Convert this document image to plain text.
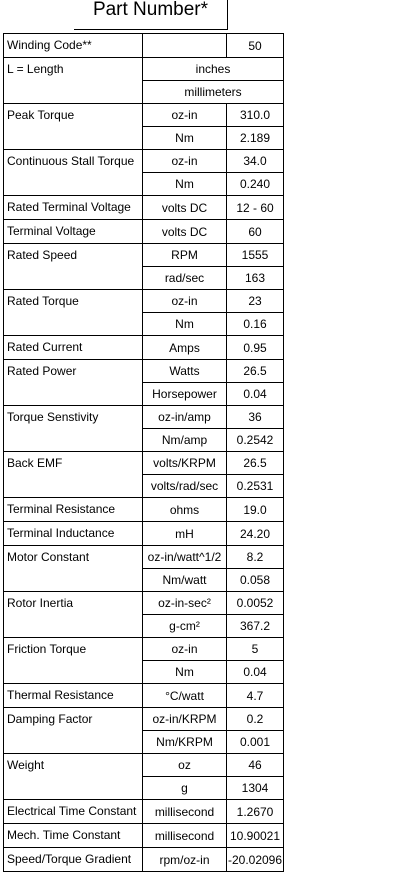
Part Number*
Winding Code**		50

L = Length	inches	
	millimeters	

Peak Torque	oz-in	310.0
	Nm	2.189

Continuous Stall Torque	oz-in	34.0
	Nm	0.240

Rated Terminal Voltage	volts DC	12 - 60

Terminal Voltage	volts DC	60

Rated Speed	RPM	1555
	rad/sec	163

Rated Torque	oz-in	23
	Nm	0.16

Rated Current	Amps	0.95

Rated Power	Watts	26.5
	Horsepower	0.04

Torque Senstivity	oz-in/amp	36
	Nm/amp	0.2542

Back EMF	volts/KRPM	26.5
	volts/rad/sec	0.2531

Terminal Resistance	ohms	19.0

Terminal Inductance	mH	24.20

Motor Constant	oz-in/watt^1/2	8.2
	Nm/watt	0.058

Rotor Inertia	oz-in-sec²	0.0052
	g-cm²	367.2

Friction Torque	oz-in	5
	Nm	0.04

Thermal Resistance	°C/watt	4.7

Damping Factor	oz-in/KRPM	0.2
	Nm/KRPM	0.001

Weight	oz	46
	g	1304

Electrical Time Constant	millisecond	1.2670

Mech. Time Constant	millisecond	10.90021

Speed/Torque Gradient	rpm/oz-in	-20.02096
